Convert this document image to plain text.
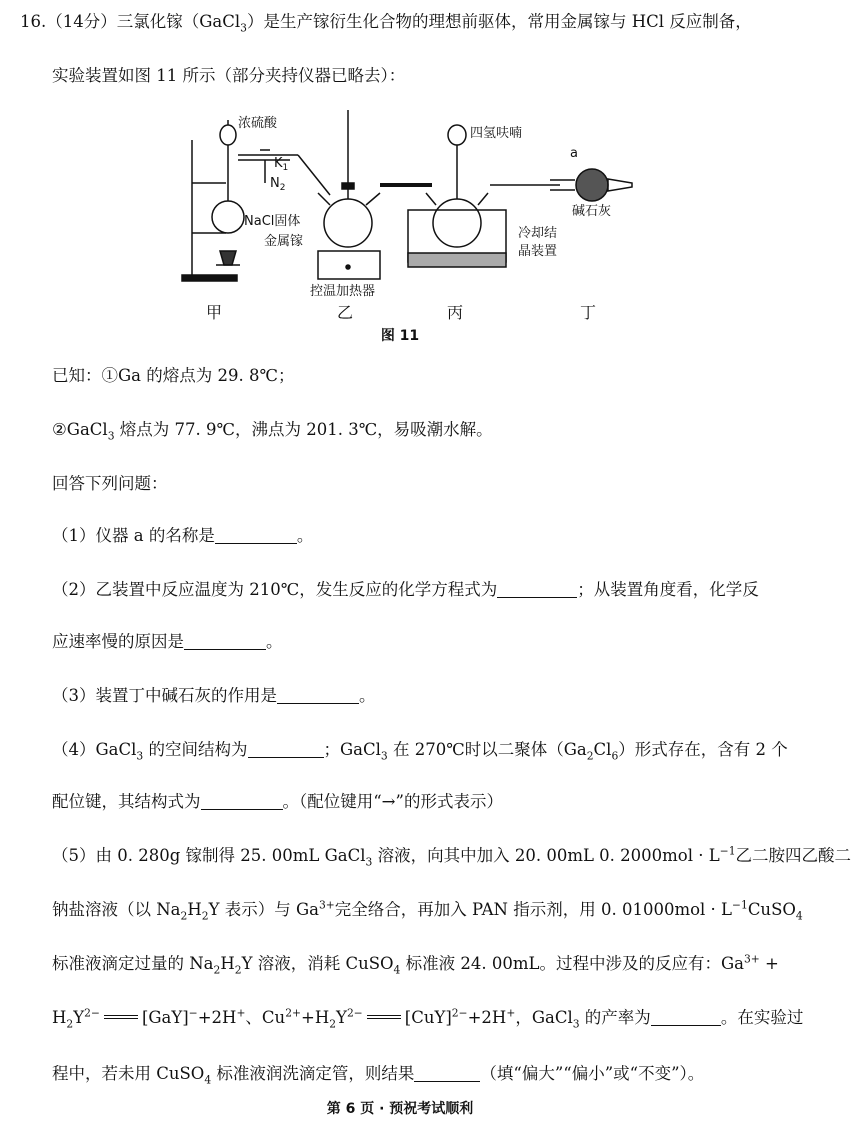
16.（14分）三氯化镓（GaCl$_3$）是生产镓衍生化合物的理想前驱体，常用金属镓与 HCl 反应制备，
实验装置如图 11 所示（部分夹持仪器已略去）：
浓硫酸
$K_1$
$N_2$
NaCl固体
金属镓
控温加热器
四氢呋喃
a
碱石灰
冷却结
晶装置
甲	乙	丙	丁
图 11
已知：①Ga 的熔点为 29. 8℃；
②GaCl$_3$ 熔点为 77. 9℃，沸点为 201. 3℃，易吸潮水解。
回答下列问题：
（1）仪器 a 的名称是	。
（2）乙装置中反应温度为 210℃，发生反应的化学方程式为	；从装置角度看，化学反
应速率慢的原因是	。
（3）装置丁中碱石灰的作用是	。
（4）GaCl$_3$ 的空间结构为	；GaCl$_3$ 在 270℃时以二聚体$(Ga_2Cl_6)$形式存在，含有 2 个
配位键，其结构式为	。（配位键用“→”的形式表示）
（5）由 0. 280g 镓制得 25. 00mL GaCl$_3$ 溶液，向其中加入 20. 00mL 0. $2000mol \cdot L^{-1}$乙二胺四乙酸二
钠盐溶液（以 $Na_2H_2Y$ 表示）与 $Ga^{3+}$完全络合，再加入 PAN 指示剂，用 0. $01000mol \cdot L^{-1}CuSO_4$
标准液滴定过量的 $Na_2H_2Y$ 溶液，消耗 CuSO$_4$ 标准液 24. 00mL。过程中涉及的反应有：$Ga^{3+}$ +
$H_2Y^{2-}$	[GaY]−+2H+、$Cu^{2+}+H_2Y^{2-}$	[CuY]$^{2-}$+2H+，GaCl$_3$ 的产率为	。在实验过
程中，若未用 CuSO$_4$ 标准液润洗滴定管，则结果	（填“偏大”“偏小”或“不变”）。
第 6 页 · 预祝考试顺利
